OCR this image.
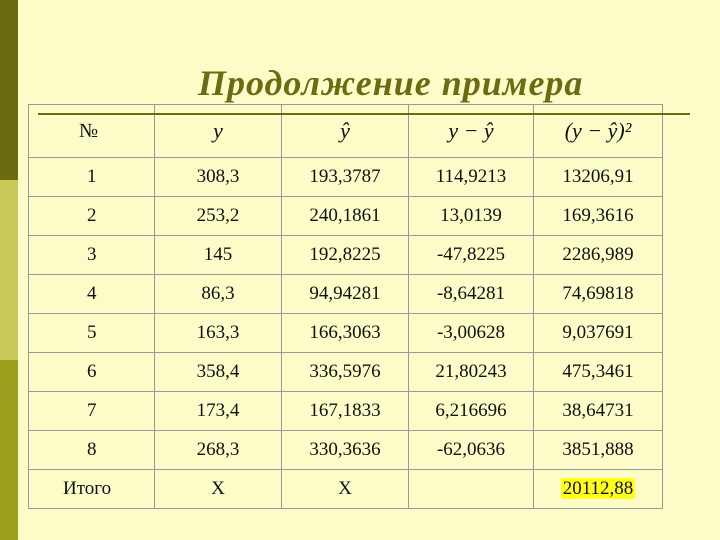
Продолжение примера
№	y	ŷ	y − ŷ	(y − ŷ)²
1	308,3	193,3787	114,9213	13206,91
2	253,2	240,1861	13,0139	169,3616
3	145	192,8225	-47,8225	2286,989
4	86,3	94,94281	-8,64281	74,69818
5	163,3	166,3063	-3,00628	9,037691
6	358,4	336,5976	21,80243	475,3461
7	173,4	167,1833	6,216696	38,64731
8	268,3	330,3636	-62,0636	3851,888
Итого	X	X		20112,88
